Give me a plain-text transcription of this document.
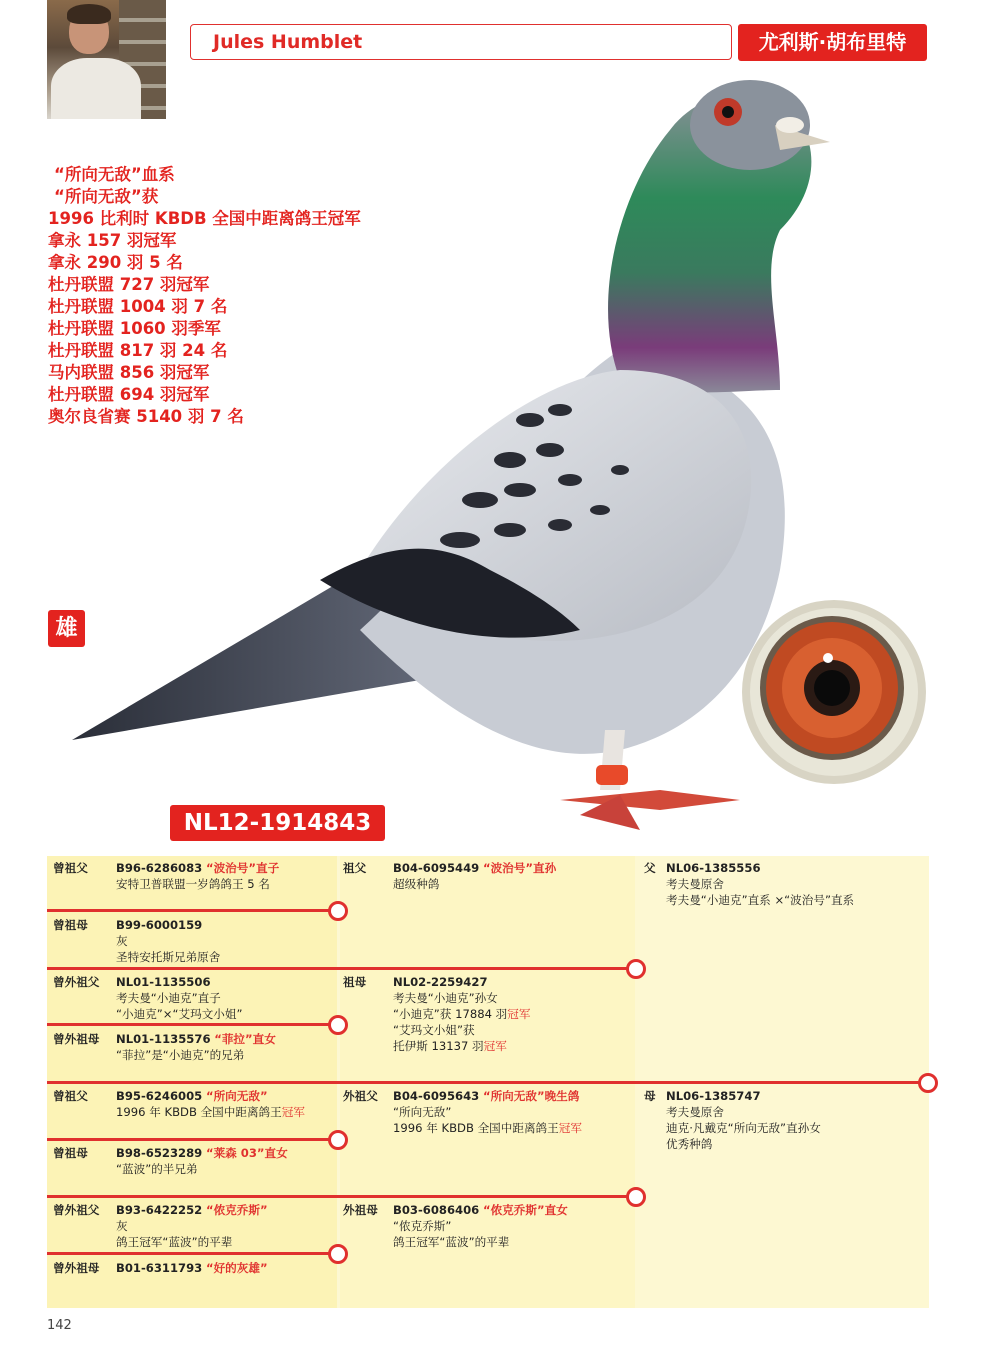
Jules Humblet	尤利斯·胡布里特
“所向无敌”血系
“所向无敌”获
1996 比利时 KBDB 全国中距离鸽王冠军
拿永 157 羽冠军
拿永 290 羽 5 名
杜丹联盟 727 羽冠军
杜丹联盟 1004 羽 7 名
杜丹联盟 1060 羽季军
杜丹联盟 817 羽 24 名
马内联盟 856 羽冠军
杜丹联盟 694 羽冠军
奥尔良省赛 5140 羽 7 名
雄
NL12-1914843
曾祖父 B96-6286083 “波治号”直子
安特卫普联盟一岁鸽鸽王 5 名
曾祖母 B99-6000159
灰
圣特安托斯兄弟原舍
曾外祖父 NL01-1135506
考夫曼“小迪克”直子
“小迪克”×“艾玛文小姐”
曾外祖母 NL01-1135576 “菲拉”直女
“菲拉”是“小迪克”的兄弟
曾祖父 B95-6246005 “所向无敌”
1996 年 KBDB 全国中距离鸽王冠军
曾祖母 B98-6523289 “莱森 03”直女
“蓝波”的半兄弟
曾外祖父 B93-6422252 “侬克乔斯”
灰
鸽王冠军“蓝波”的平辈
曾外祖母 B01-6311793 “好的灰雄”
祖父 B04-6095449 “波治号”直孙
超级种鸽
祖母 NL02-2259427
考夫曼“小迪克”孙女
“小迪克”获 17884 羽冠军
“艾玛文小姐”获
托伊斯 13137 羽冠军
外祖父 B04-6095643 “所向无敌”晚生鸽
“所向无敌”
1996 年 KBDB 全国中距离鸽王冠军
外祖母 B03-6086406 “侬克乔斯”直女
“侬克乔斯”
鸽王冠军“蓝波”的平辈
父 NL06-1385556
考夫曼原舍
考夫曼“小迪克”直系 ×“波治号”直系
母 NL06-1385747
考夫曼原舍
迪克·凡戴克“所向无敌”直孙女
优秀种鸽
142
